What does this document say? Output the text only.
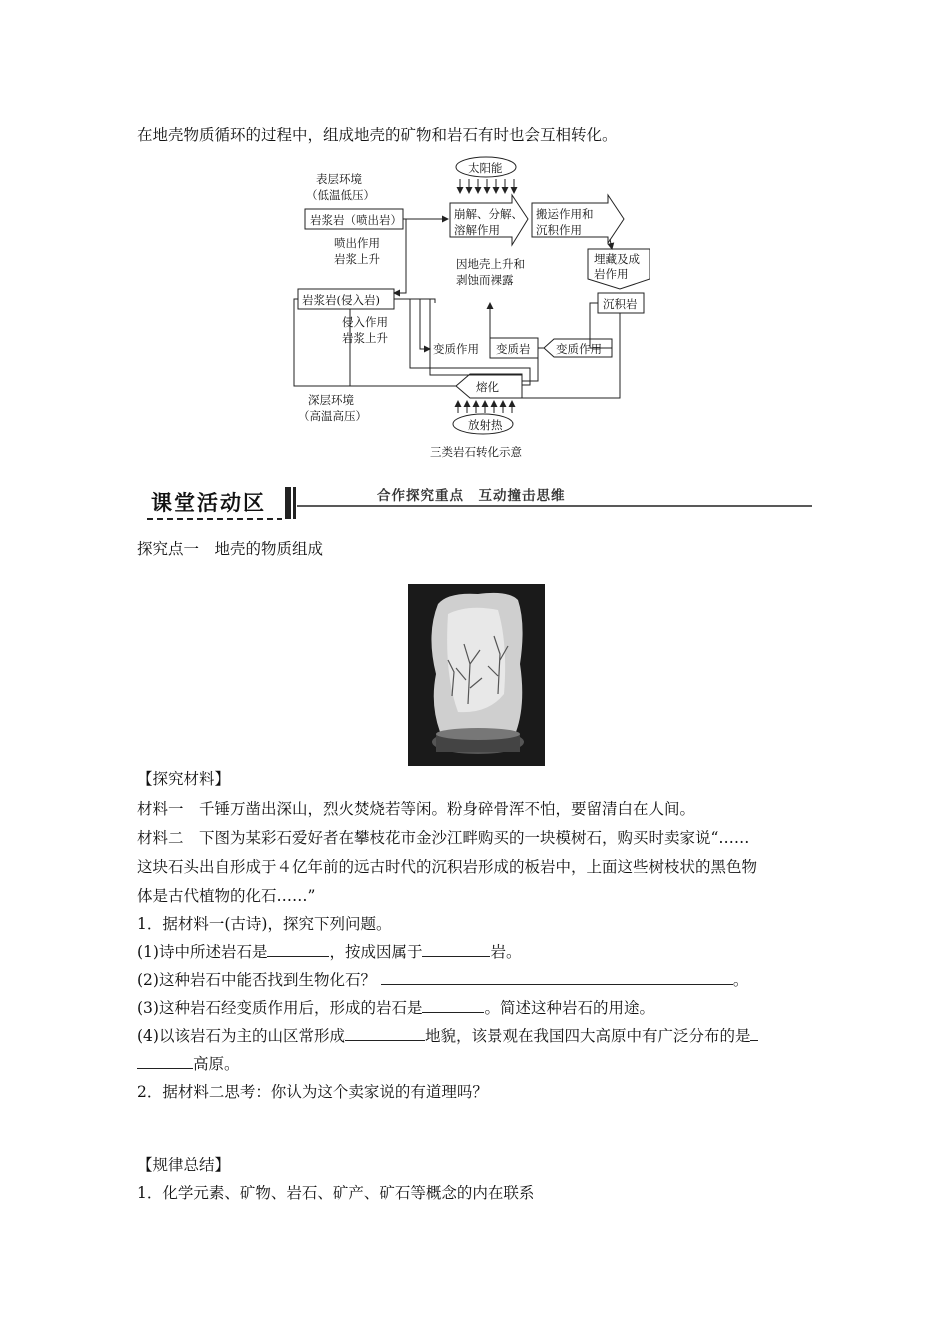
在地壳物质循环的过程中，组成地壳的矿物和岩石有时也会互相转化。
表层环境
（低温低压）
岩浆岩（喷出岩）
喷出作用
岩浆上升
岩浆岩(侵入岩)
侵入作用
岩浆上升
深层环境
（高温高压）
太阳能
崩解、分解、
溶解作用
搬运作用和
沉积作用
埋藏及成
岩作用
沉积岩
因地壳上升和
剥蚀而裸露
变质作用 变质岩 变质作用
熔化
放射热
三类岩石转化示意
课堂活动区	合作探究重点　互动撞击思维
探究点一　地壳的物质组成
【探究材料】
材料一　千锤万凿出深山，烈火焚烧若等闲。粉身碎骨浑不怕，要留清白在人间。
材料二　下图为某彩石爱好者在攀枝花市金沙江畔购买的一块模树石，购买时卖家说“……
这块石头出自形成于４亿年前的远古时代的沉积岩形成的板岩中，上面这些树枝状的黑色物
体是古代植物的化石……”
1．据材料一(古诗)，探究下列问题。
(1)诗中所述岩石是	，按成因属于	岩。
(2)这种岩石中能否找到生物化石？	。
(3)这种岩石经变质作用后，形成的岩石是	。简述这种岩石的用途。
(4)以该岩石为主的山区常形成	地貌，该景观在我国四大高原中有广泛分布的是
高原。
2．据材料二思考：你认为这个卖家说的有道理吗？
【规律总结】
1．化学元素、矿物、岩石、矿产、矿石等概念的内在联系
